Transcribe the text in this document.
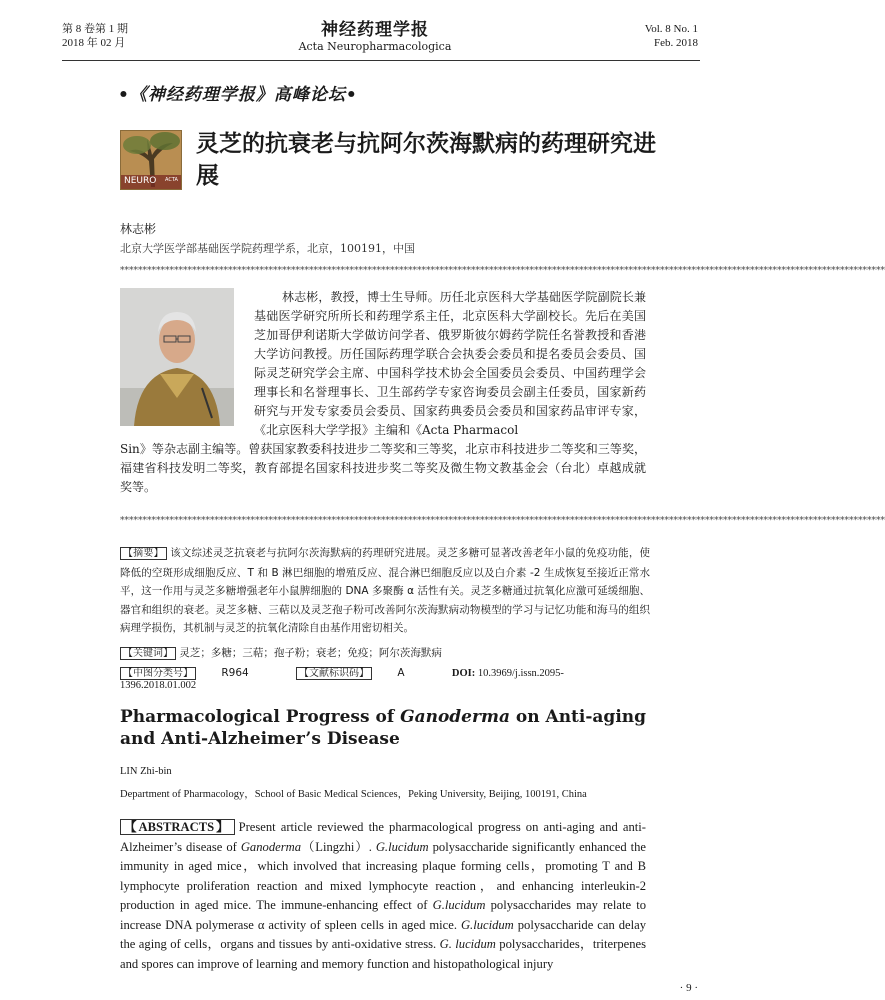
第 8 卷第 1 期
2018 年 02 月
神经药理学报
Acta Neuropharmacologica
Vol. 8 No. 1
Feb. 2018
•《神经药理学报》高峰论坛•
NEURO ACTA
灵芝的抗衰老与抗阿尔茨海默病的药理研究进展
林志彬
北京大学医学部基础医学院药理学系，北京，100191，中国
**************************************************************************************************************************************************************************
林志彬，教授，博士生导师。历任北京医科大学基础医学院副院长兼基础医学研究所所长和药理学系主任，北京医科大学副校长。先后在美国芝加哥伊利诺斯大学做访问学者、俄罗斯彼尔姆药学院任名誉教授和香港大学访问教授。历任国际药理学联合会执委会委员和提名委员会委员、国际灵芝研究学会主席、中国科学技术协会全国委员会委员、中国药理学会理事长和名誉理事长、卫生部药学专家咨询委员会副主任委员，国家新药研究与开发专家委员会委员、国家药典委员会委员和国家药品审评专家，《北京医科大学学报》主编和《Acta Pharmacol
Sin》等杂志副主编等。曾获国家教委科技进步二等奖和三等奖，北京市科技进步二等奖和三等奖，福建省科技发明二等奖，教育部提名国家科技进步奖二等奖及微生物文教基金会（台北）卓越成就奖等。
**************************************************************************************************************************************************************************
【摘要】 该文综述灵芝抗衰老与抗阿尔茨海默病的药理研究进展。灵芝多糖可显著改善老年小鼠的免疫功能，使降低的空斑形成细胞反应、T 和 B 淋巴细胞的增殖反应、混合淋巴细胞反应以及白介素 -2 生成恢复至接近正常水平，这一作用与灵芝多糖增强老年小鼠脾细胞的 DNA 多聚酶 α 活性有关。灵芝多糖通过抗氧化应激可延缓细胞、器官和组织的衰老。灵芝多糖、三萜以及灵芝孢子粉可改善阿尔茨海默病动物模型的学习与记忆功能和海马的组织病理学损伤，其机制与灵芝的抗氧化清除自由基作用密切相关。
【关键词】 灵芝；多糖；三萜；孢子粉；衰老；免疫；阿尔茨海默病
【中图分类号】	R964	【文献标识码】	A	DOI: 10.3969/j.issn.2095-1396.2018.01.002
Pharmacological Progress of Ganoderma on Anti-aging and Anti-Alzheimer’s Disease
LIN Zhi-bin
Department of Pharmacology，School of Basic Medical Sciences，Peking University, Beijing, 100191, China
【ABSTRACTS】 Present article reviewed the pharmacological progress on anti-aging and anti-Alzheimer’s disease of Ganoderma（Lingzhi）. G.lucidum polysaccharide significantly enhanced the immunity in aged mice，which involved that increasing plaque forming cells，promoting T and B lymphocyte proliferation reaction and mixed lymphocyte reaction，and enhancing interleukin-2 production in aged mice. The immune-enhancing effect of G.lucidum polysaccharides may relate to increase DNA polymerase α activity of spleen cells in aged mice. G.lucidum polysaccharide can delay the aging of cells，organs and tissues by anti-oxidative stress. G. lucidum polysaccharides，triterpenes and spores can improve of learning and memory function and histopathological injury
· 9 ·
